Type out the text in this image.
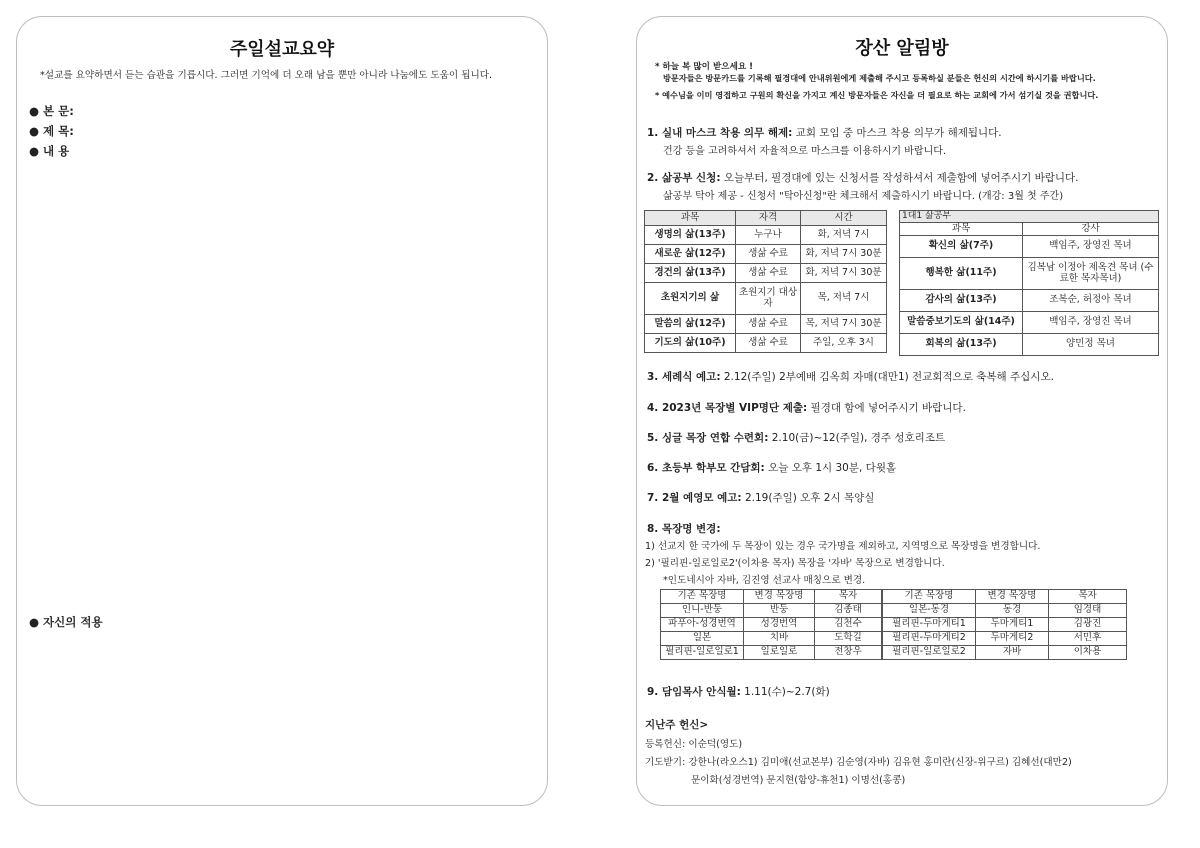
주일설교요약
*설교를 요약하면서 듣는 습관을 기릅시다. 그러면 기억에 더 오래 남을 뿐만 아니라 나눔에도 도움이 됩니다.
● 본 문:
● 제 목:
● 내 용
● 자신의 적용
장산 알림방
* 하늘 복 많이 받으세요 !
방문자들은 방문카드를 기록해 필경대에 안내위원에게 제출해 주시고 등록하실 분들은 헌신의 시간에 하시기를 바랍니다.
* 예수님을 이미 영접하고 구원의 확신을 가지고 계신 방문자들은 자신을 더 필요로 하는 교회에 가서 섬기실 것을 권합니다.
1. 실내 마스크 착용 의무 해제: 교회 모임 중 마스크 착용 의무가 해제됩니다.
건강 등을 고려하셔서 자율적으로 마스크를 이용하시기 바랍니다.
2. 삶공부 신청: 오늘부터, 필경대에 있는 신청서를 작성하셔서 제출함에 넣어주시기 바랍니다.
삶공부 탁아 제공 - 신청서 "탁아신청"란 체크해서 제출하시기 바랍니다. (개강: 3월 첫 주간)
과목	자격	시간
생명의 삶(13주)	누구나	화, 저녁 7시
새로운 삶(12주)	생삶 수료	화, 저녁 7시 30분
경건의 삶(13주)	생삶 수료	화, 저녁 7시 30분
초원지기의 삶	초원지기 대상자	목, 저녁 7시
말씀의 삶(12주)	생삶 수료	목, 저녁 7시 30분
기도의 삶(10주)	생삶 수료	주일, 오후 3시
1대1 삶공부	
과목	강사
확신의 삶(7주)	백임주, 장영진 목녀
행복한 삶(11주)	김복남 이정아 제옥견 목녀 (수료한 목자목녀)
감사의 삶(13주)	조복순, 허정아 목녀
말씀중보기도의 삶(14주)	백임주, 장영진 목녀
회복의 삶(13주)	양민정 목녀
3. 세례식 예고: 2.12(주일) 2부예배 김옥희 자매(대만1) 전교회적으로 축복해 주십시오.
4. 2023년 목장별 VIP명단 제출: 필경대 함에 넣어주시기 바랍니다.
5. 싱글 목장 연합 수련회: 2.10(금)~12(주일), 경주 성호리조트
6. 초등부 학부모 간담회: 오늘 오후 1시 30분, 다윗홀
7. 2월 예영모 예고: 2.19(주일) 오후 2시 목양실
8. 목장명 변경:
1) 선교지 한 국가에 두 목장이 있는 경우 국가명을 제외하고, 지역명으로 목장명을 변경합니다.
2) '필리핀-일로일로2'(이차용 목자) 목장을 '자바' 목장으로 변경합니다.
*인도네시아 자바, 김진영 선교사 매칭으로 변경.
기존 목장명	변경 목장명	목자	기존 목장명	변경 목장명	목자
인니-반둥	반둥	김종태	일본-동경	동경	임경태
파푸아-성경번역	성경번역	김천수	필리핀-두마게티1	두마게티1	김광진
일본	치바	도학길	필리핀-두마게티2	두마게티2	서민후
필리핀-일로일로1	일로일로	전창우	필리핀-일로일로2	자바	이차용
9. 담임목사 안식월: 1.11(수)~2.7(화)
지난주 헌신>
등록헌신: 이순덕(영도)
기도받기: 강한나(라오스1) 김미애(선교본부) 김순영(자바) 김유현 홍미란(신장-위구르) 김혜선(대만2)
문이화(성경번역) 문지현(함양-휴천1) 이명선(홍콩)
